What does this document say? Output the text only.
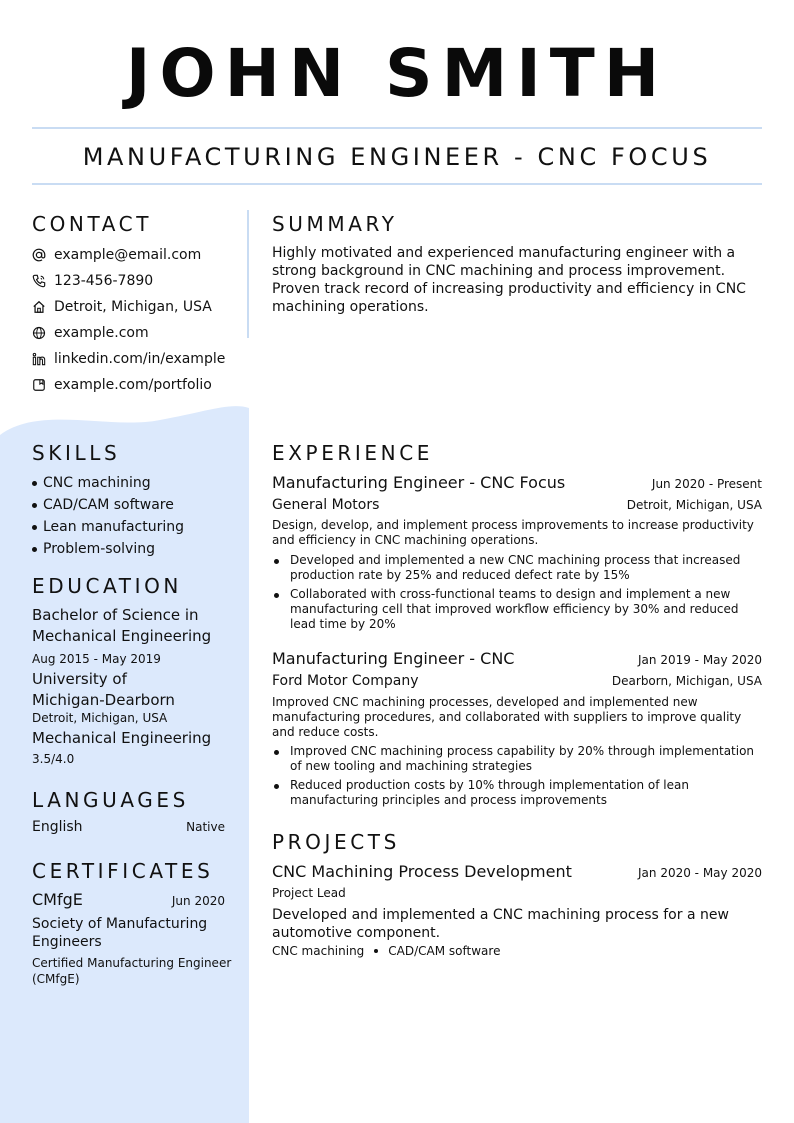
JOHN SMITH
MANUFACTURING ENGINEER - CNC FOCUS
CONTACT
example@email.com
123-456-7890
Detroit, Michigan, USA
example.com
linkedin.com/in/example
example.com/portfolio
SKILLS
CNC machining
CAD/CAM software
Lean manufacturing
Problem-solving
EDUCATION
Bachelor of Science in Mechanical Engineering
Aug 2015 - May 2019
University of Michigan-Dearborn
Detroit, Michigan, USA
Mechanical Engineering
3.5/4.0
LANGUAGES
English	Native
CERTIFICATES
CMfgE	Jun 2020
Society of Manufacturing Engineers
Certified Manufacturing Engineer (CMfgE)
SUMMARY
Highly motivated and experienced manufacturing engineer with a strong background in CNC machining and process improvement. Proven track record of increasing productivity and efficiency in CNC machining operations.
EXPERIENCE
Manufacturing Engineer - CNC Focus	Jun 2020 - Present
General Motors	Detroit, Michigan, USA
Design, develop, and implement process improvements to increase productivity and efficiency in CNC machining operations.
Developed and implemented a new CNC machining process that increased production rate by 25% and reduced defect rate by 15%
Collaborated with cross-functional teams to design and implement a new manufacturing cell that improved workflow efficiency by 30% and reduced lead time by 20%
Manufacturing Engineer - CNC	Jan 2019 - May 2020
Ford Motor Company	Dearborn, Michigan, USA
Improved CNC machining processes, developed and implemented new manufacturing procedures, and collaborated with suppliers to improve quality and reduce costs.
Improved CNC machining process capability by 20% through implementation of new tooling and machining strategies
Reduced production costs by 10% through implementation of lean manufacturing principles and process improvements
PROJECTS
CNC Machining Process Development	Jan 2020 - May 2020
Project Lead
Developed and implemented a CNC machining process for a new automotive component.
CNC machining CAD/CAM software
